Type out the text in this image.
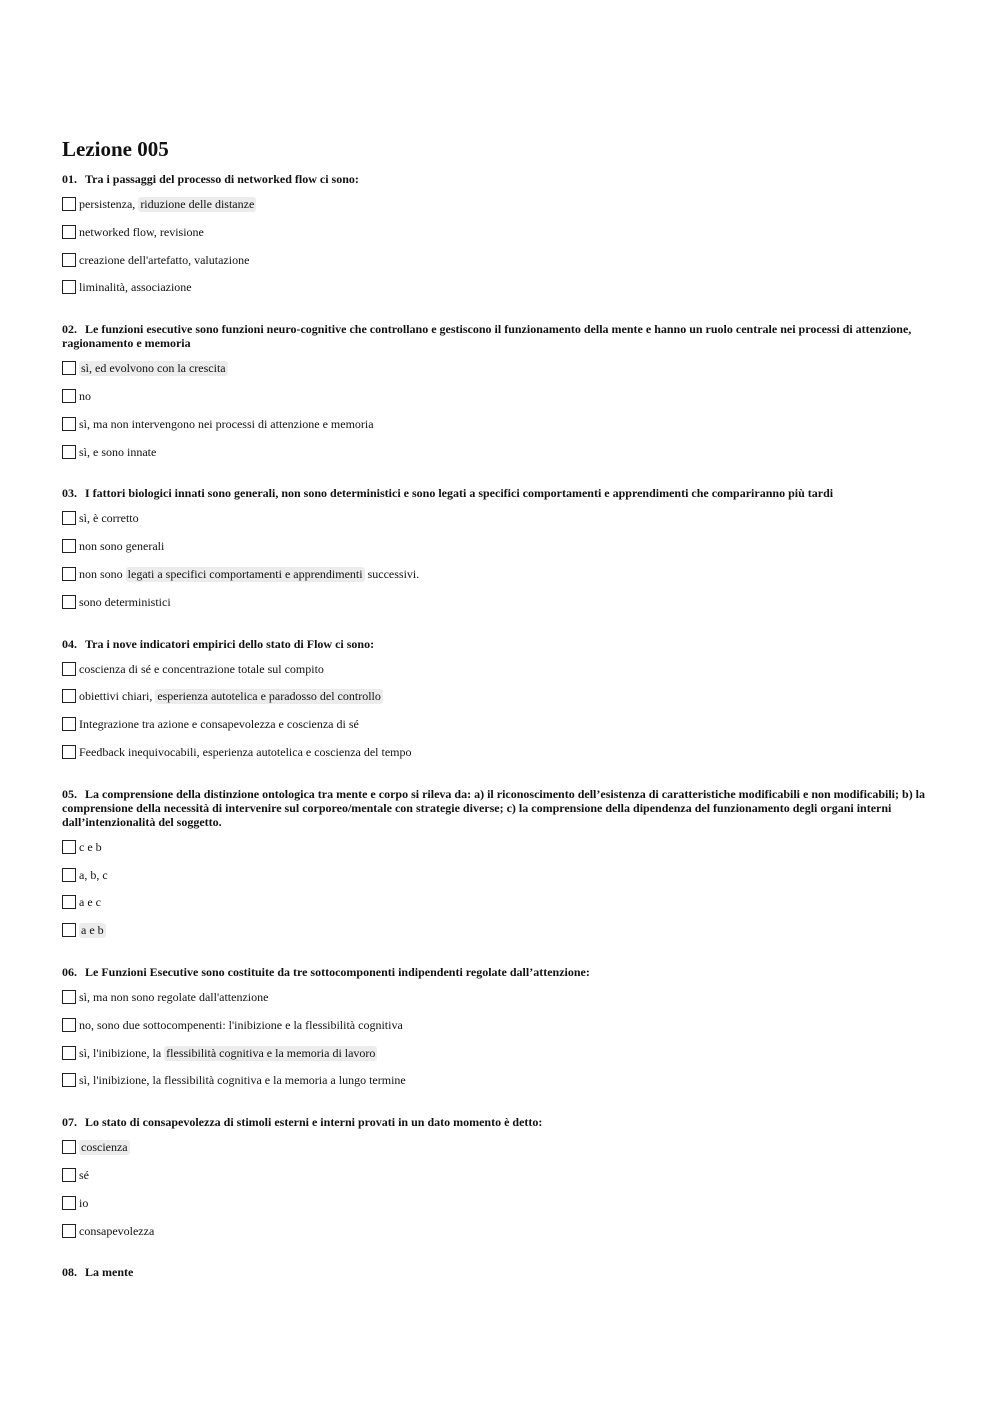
Lezione 005

01. Tra i passaggi del processo di networked flow ci sono:

persistenza, riduzione delle distanze
networked flow, revisione
creazione dell'artefatto, valutazione
liminalità, associazione

02. Le funzioni esecutive sono funzioni neuro-cognitive che controllano e gestiscono il funzionamento della mente e hanno un ruolo centrale nei processi di attenzione, ragionamento e memoria

sì, ed evolvono con la crescita
no
sì, ma non intervengono nei processi di attenzione e memoria
sì, e sono innate

03. I fattori biologici innati sono generali, non sono deterministici e sono legati a specifici comportamenti e apprendimenti che compariranno più tardi

sì, è corretto
non sono generali
non sono legati a specifici comportamenti e apprendimenti successivi.
sono deterministici

04. Tra i nove indicatori empirici dello stato di Flow ci sono:

coscienza di sé e concentrazione totale sul compito
obiettivi chiari, esperienza autotelica e paradosso del controllo
Integrazione tra azione e consapevolezza e coscienza di sé
Feedback inequivocabili, esperienza autotelica e coscienza del tempo

05. La comprensione della distinzione ontologica tra mente e corpo si rileva da: a) il riconoscimento dell’esistenza di caratteristiche modificabili e non modificabili; b) la comprensione della necessità di intervenire sul corporeo/mentale con strategie diverse; c) la comprensione della dipendenza del funzionamento degli organi interni dall’intenzionalità del soggetto.

c e b
a, b, c
a e c
a e b

06. Le Funzioni Esecutive sono costituite da tre sottocomponenti indipendenti regolate dall’attenzione:

sì, ma non sono regolate dall'attenzione
no, sono due sottocompenenti: l'inibizione e la flessibilità cognitiva
sì, l'inibizione, la flessibilità cognitiva e la memoria di lavoro
sì, l'inibizione, la flessibilità cognitiva e la memoria a lungo termine

07. Lo stato di consapevolezza di stimoli esterni e interni provati in un dato momento è detto:

coscienza
sé
io
consapevolezza

08. La mente
